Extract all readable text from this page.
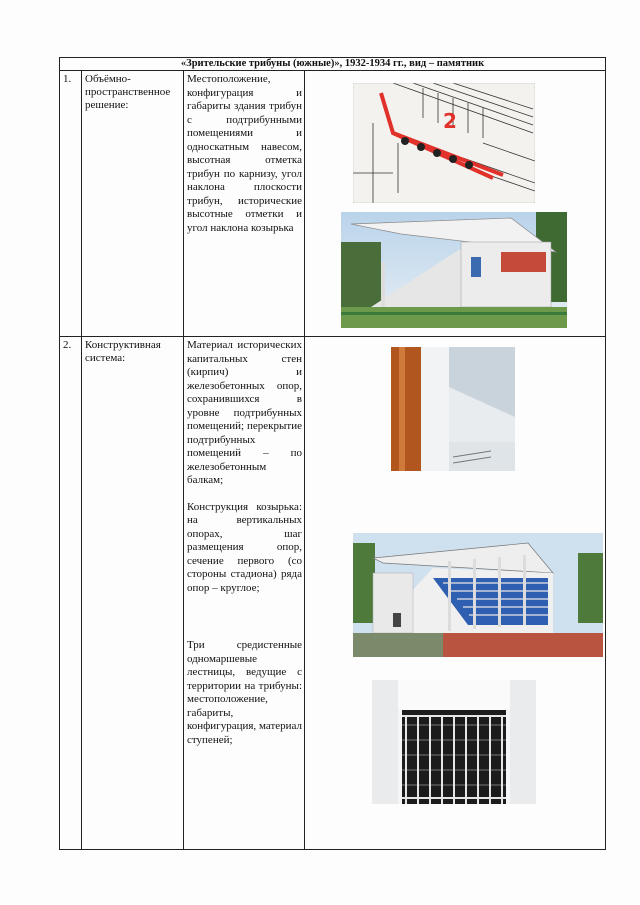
«Зрительские трибуны (южные)», 1932-1934 гг., вид – памятник			
1.	Объёмно-пространственное решение:	Местоположение, конфигурация и габариты здания трибун с подтрибунными помещениями и односкатным навесом, высотная отметка трибун по карнизу, угол наклона плоскости трибун, исторические высотные отметки и угол наклона козырька	2

2.	Конструктивная система:	Материал исторических капитальных стен (кирпич) и железобетонных опор, сохранившихся в уровне подтрибунных помещений; перекрытие подтрибунных помещений – по железобетонным балкам;

Конструкция козырька: на вертикальных опорах, шаг размещения опор, сечение первого (со стороны стадиона) ряда опор – круглое;

Три средистенные одномаршевые лестницы, ведущие с территории на трибуны: местоположение, габариты, конфигурация, материал ступеней;
